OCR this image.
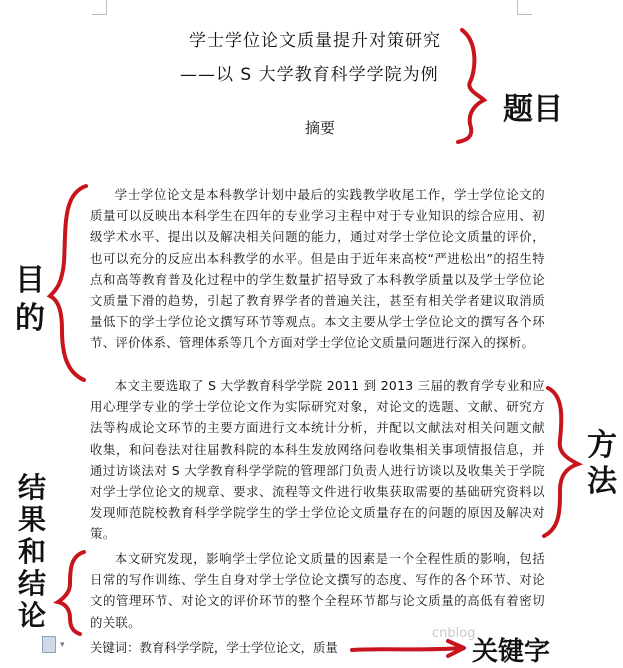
学士学位论文质量提升对策研究
——以 S 大学教育科学学院为例
摘要
学士学位论文是本科教学计划中最后的实践教学收尾工作，学士学位论文的质量可以反映出本科学生在四年的专业学习主程中对于专业知识的综合应用、初级学术水平、提出以及解决相关问题的能力，通过对学士学位论文质量的评价，也可以充分的反应出本科教学的水平。但是由于近年来高校“严进松出”的招生特点和高等教育普及化过程中的学生数量扩招导致了本科教学质量以及学士学位论文质量下滑的趋势，引起了教育界学者的普遍关注，甚至有相关学者建议取消质量低下的学士学位论文撰写环节等观点。本文主要从学士学位论文的撰写各个环节、评价体系、管理体系等几个方面对学士学位论文质量问题进行深入的探析。
本文主要选取了 S 大学教育科学学院 2011 到 2013 三届的教育学专业和应用心理学专业的学士学位论文作为实际研究对象，对论文的选题、文献、研究方法等构成论文环节的主要方面进行文本统计分析，并配以文献法对相关问题文献收集，和问卷法对往届教科院的本科生发放网络问卷收集相关事项情报信息，并通过访谈法对 S 大学教育科学学院的管理部门负责人进行访谈以及收集关于学院对学士学位论文的规章、要求、流程等文件进行收集获取需要的基础研究资料以发现师范院校教育科学学院学生的学士学位论文质量存在的问题的原因及解决对策。
本文研究发现，影响学士学位论文质量的因素是一个全程性质的影响，包括日常的写作训练、学生自身对学士学位论文撰写的态度、写作的各个环节、对论文的管理环节、对论文的评价环节的整个全程环节都与论文质量的高低有着密切的关联。
▾ 关键词：教育科学学院，学士学位论文，质量
cnblog
题目
目的
方法
结果和结论
关键字
